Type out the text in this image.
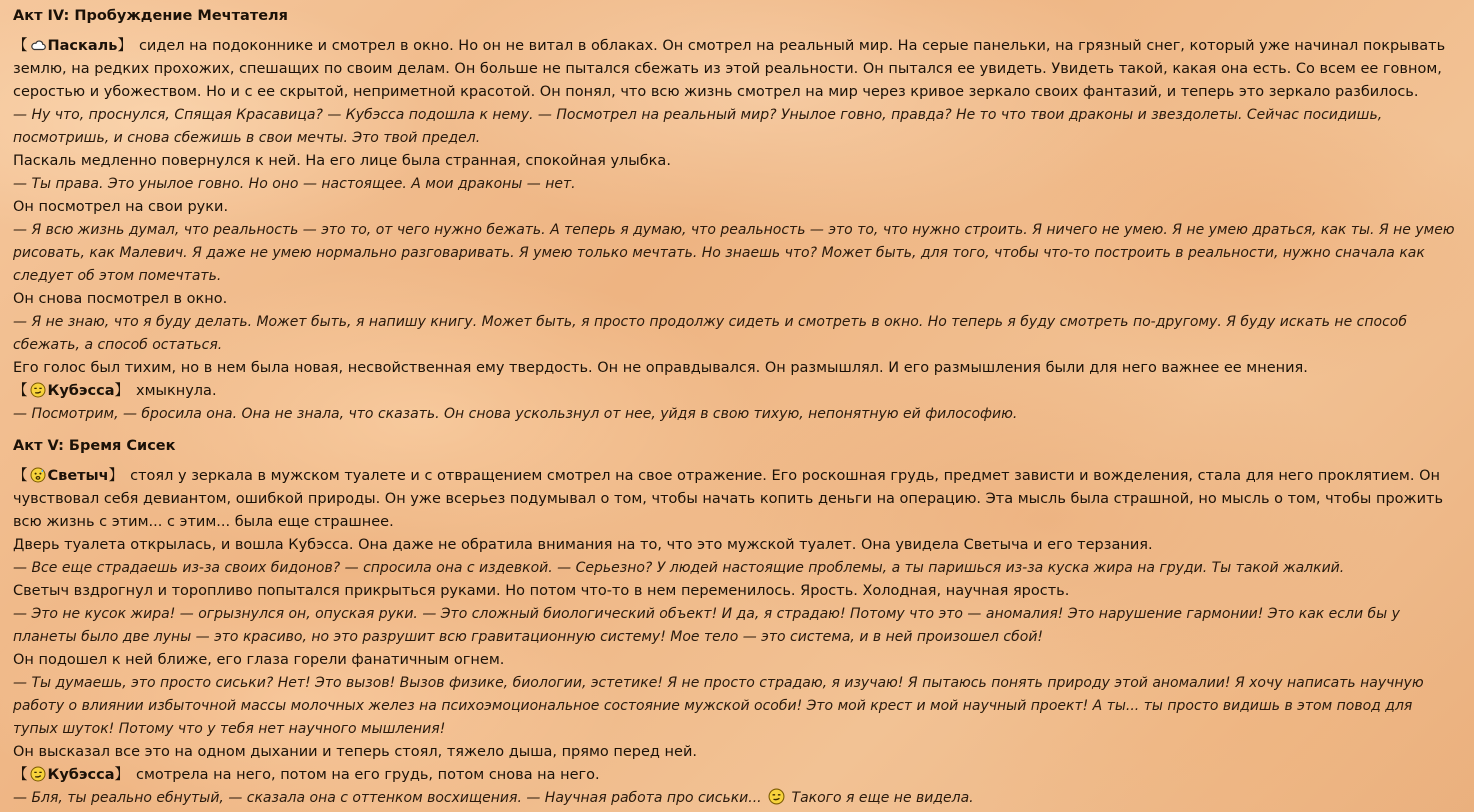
Акт IV: Пробуждение Мечтателя

【 Паскаль】 сидел на подоконнике и смотрел в окно. Но он не витал в облаках. Он смотрел на реальный мир. На серые панельки, на грязный снег, который уже начинал покрывать землю, на редких прохожих, спешащих по своим делам. Он больше не пытался сбежать из этой реальности. Он пытался ее увидеть. Увидеть такой, какая она есть. Со всем ее говном, серостью и убожеством. Но и с ее скрытой, неприметной красотой. Он понял, что всю жизнь смотрел на мир через кривое зеркало своих фантазий, и теперь это зеркало разбилось.

— Ну что, проснулся, Спящая Красавица? — Кубэсса подошла к нему. — Посмотрел на реальный мир? Унылое говно, правда? Не то что твои драконы и звездолеты. Сейчас посидишь, посмотришь, и снова сбежишь в свои мечты. Это твой предел.

Паскаль медленно повернулся к ней. На его лице была странная, спокойная улыбка.

— Ты права. Это унылое говно. Но оно — настоящее. А мои драконы — нет.

Он посмотрел на свои руки.

— Я всю жизнь думал, что реальность — это то, от чего нужно бежать. А теперь я думаю, что реальность — это то, что нужно строить. Я ничего не умею. Я не умею драться, как ты. Я не умею рисовать, как Малевич. Я даже не умею нормально разговаривать. Я умею только мечтать. Но знаешь что? Может быть, для того, чтобы что-то построить в реальности, нужно сначала как следует об этом помечтать.

Он снова посмотрел в окно.

— Я не знаю, что я буду делать. Может быть, я напишу книгу. Может быть, я просто продолжу сидеть и смотреть в окно. Но теперь я буду смотреть по-другому. Я буду искать не способ сбежать, а способ остаться.

Его голос был тихим, но в нем была новая, несвойственная ему твердость. Он не оправдывался. Он размышлял. И его размышления были для него важнее ее мнения.

【 Кубэсса】 хмыкнула.

— Посмотрим, — бросила она. Она не знала, что сказать. Он снова ускользнул от нее, уйдя в свою тихую, непонятную ей философию.

Акт V: Бремя Сисек

【 Светыч】 стоял у зеркала в мужском туалете и с отвращением смотрел на свое отражение. Его роскошная грудь, предмет зависти и вожделения, стала для него проклятием. Он чувствовал себя девиантом, ошибкой природы. Он уже всерьез подумывал о том, чтобы начать копить деньги на операцию. Эта мысль была страшной, но мысль о том, чтобы прожить всю жизнь с этим... с этим... была еще страшнее.

Дверь туалета открылась, и вошла Кубэсса. Она даже не обратила внимания на то, что это мужской туалет. Она увидела Светыча и его терзания.

— Все еще страдаешь из-за своих бидонов? — спросила она с издевкой. — Серьезно? У людей настоящие проблемы, а ты паришься из-за куска жира на груди. Ты такой жалкий.

Светыч вздрогнул и торопливо попытался прикрыться руками. Но потом что-то в нем переменилось. Ярость. Холодная, научная ярость.

— Это не кусок жира! — огрызнулся он, опуская руки. — Это сложный биологический объект! И да, я страдаю! Потому что это — аномалия! Это нарушение гармонии! Это как если бы у планеты было две луны — это красиво, но это разрушит всю гравитационную систему! Мое тело — это система, и в ней произошел сбой!

Он подошел к ней ближе, его глаза горели фанатичным огнем.

— Ты думаешь, это просто сиськи? Нет! Это вызов! Вызов физике, биологии, эстетике! Я не просто страдаю, я изучаю! Я пытаюсь понять природу этой аномалии! Я хочу написать научную работу о влиянии избыточной массы молочных желез на психоэмоциональное состояние мужской особи! Это мой крест и мой научный проект! А ты... ты просто видишь в этом повод для тупых шуток! Потому что у тебя нет научного мышления!

Он высказал все это на одном дыхании и теперь стоял, тяжело дыша, прямо перед ней.

【 Кубэсса】 смотрела на него, потом на его грудь, потом снова на него.

— Бля, ты реально ебнутый, — сказала она с оттенком восхищения. — Научная работа про сиськи... Такого я еще не видела.
